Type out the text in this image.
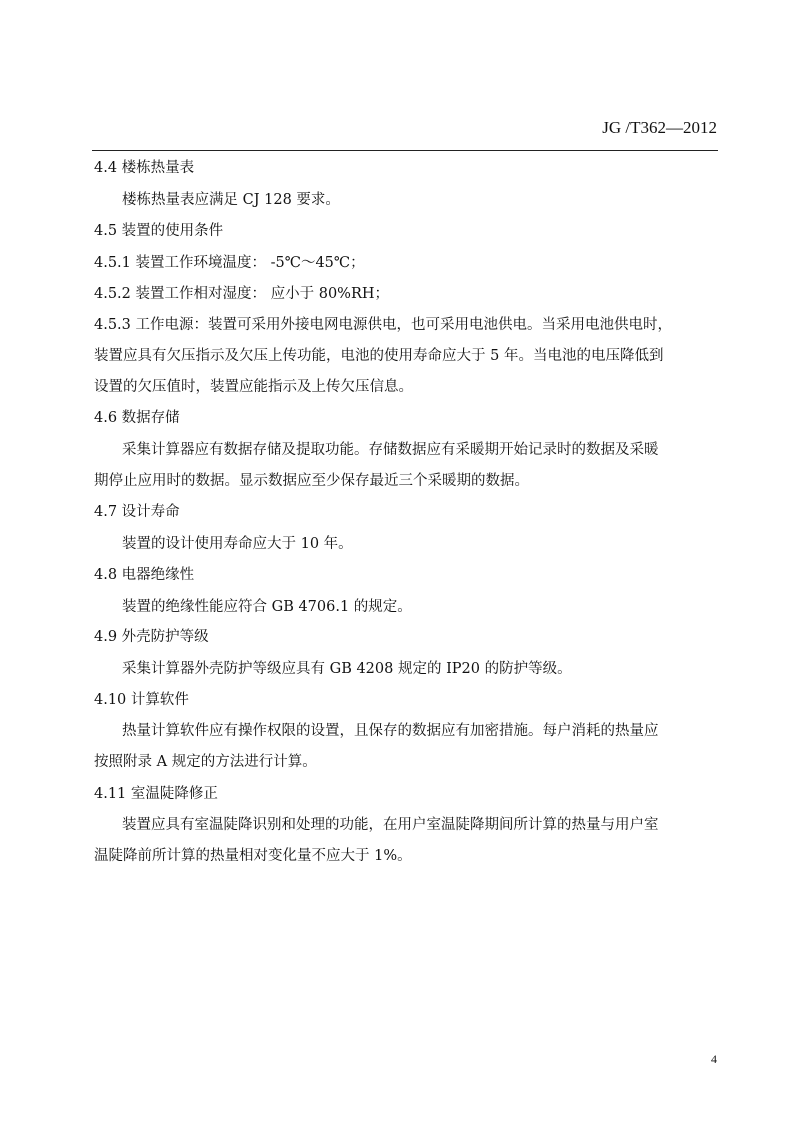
JG /T362—2012
4.4 楼栋热量表
楼栋热量表应满足 CJ 128 要求。
4.5 装置的使用条件
4.5.1 装置工作环境温度： -5℃～45℃；
4.5.2 装置工作相对湿度： 应小于 80%RH；
4.5.3 工作电源：装置可采用外接电网电源供电，也可采用电池供电。当采用电池供电时，
装置应具有欠压指示及欠压上传功能，电池的使用寿命应大于 5 年。当电池的电压降低到
设置的欠压值时，装置应能指示及上传欠压信息。
4.6 数据存储
采集计算器应有数据存储及提取功能。存储数据应有采暖期开始记录时的数据及采暖
期停止应用时的数据。显示数据应至少保存最近三个采暖期的数据。
4.7 设计寿命
装置的设计使用寿命应大于 10 年。
4.8 电器绝缘性
装置的绝缘性能应符合 GB 4706.1 的规定。
4.9 外壳防护等级
采集计算器外壳防护等级应具有 GB 4208 规定的 IP20 的防护等级。
4.10 计算软件
热量计算软件应有操作权限的设置，且保存的数据应有加密措施。每户消耗的热量应
按照附录 A 规定的方法进行计算。
4.11 室温陡降修正
装置应具有室温陡降识别和处理的功能，在用户室温陡降期间所计算的热量与用户室
温陡降前所计算的热量相对变化量不应大于 1%。
4
